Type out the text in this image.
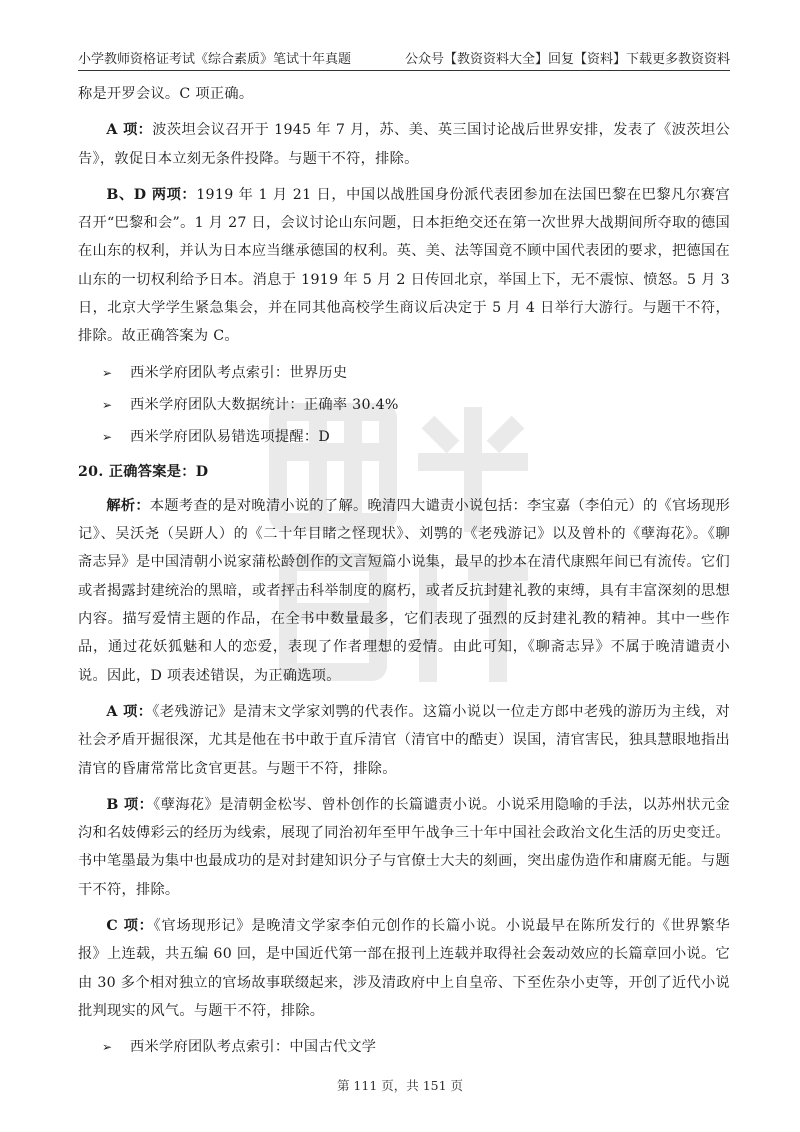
小学教师资格证考试《综合素质》笔试十年真题	公众号【教资资料大全】回复【资料】下载更多教资资料

称是开罗会议。C 项正确。

A 项：波茨坦会议召开于 1945 年 7 月，苏、美、英三国讨论战后世界安排，发表了《波茨坦公告》，敦促日本立刻无条件投降。与题干不符，排除。

B、D 两项：1919 年 1 月 21 日，中国以战胜国身份派代表团参加在法国巴黎在巴黎凡尔赛宫召开“巴黎和会”。1 月 27 日，会议讨论山东问题，日本拒绝交还在第一次世界大战期间所夺取的德国在山东的权利，并认为日本应当继承德国的权利。英、美、法等国竟不顾中国代表团的要求，把德国在山东的一切权利给予日本。消息于 1919 年 5 月 2 日传回北京，举国上下，无不震惊、愤怒。5 月 3 日，北京大学学生紧急集会，并在同其他高校学生商议后决定于 5 月 4 日举行大游行。与题干不符，排除。故正确答案为 C。

➢ 西米学府团队考点索引：世界历史
➢ 西米学府团队大数据统计：正确率 30.4%
➢ 西米学府团队易错选项提醒：D

20. 正确答案是：D

解析：本题考查的是对晚清小说的了解。晚清四大谴责小说包括：李宝嘉（李伯元）的《官场现形记》、吴沃尧（吴趼人）的《二十年目睹之怪现状》、刘鹗的《老残游记》以及曾朴的《孽海花》。《聊斋志异》是中国清朝小说家蒲松龄创作的文言短篇小说集，最早的抄本在清代康熙年间已有流传。它们或者揭露封建统治的黑暗，或者抨击科举制度的腐朽，或者反抗封建礼教的束缚，具有丰富深刻的思想内容。描写爱情主题的作品，在全书中数量最多，它们表现了强烈的反封建礼教的精神。其中一些作品，通过花妖狐魅和人的恋爱，表现了作者理想的爱情。由此可知，《聊斋志异》不属于晚清谴责小说。因此，D 项表述错误，为正确选项。

A 项：《老残游记》是清末文学家刘鹗的代表作。这篇小说以一位走方郎中老残的游历为主线，对社会矛盾开掘很深，尤其是他在书中敢于直斥清官（清官中的酷吏）误国，清官害民，独具慧眼地指出清官的昏庸常常比贪官更甚。与题干不符，排除。

B 项：《孽海花》是清朝金松岑、曾朴创作的长篇谴责小说。小说采用隐喻的手法，以苏州状元金汮和名妓傅彩云的经历为线索，展现了同治初年至甲午战争三十年中国社会政治文化生活的历史变迁。书中笔墨最为集中也最成功的是对封建知识分子与官僚士大夫的刻画，突出虚伪造作和庸腐无能。与题干不符，排除。

C 项：《官场现形记》是晚清文学家李伯元创作的长篇小说。小说最早在陈所发行的《世界繁华报》上连载，共五编 60 回，是中国近代第一部在报刊上连载并取得社会轰动效应的长篇章回小说。它由 30 多个相对独立的官场故事联缀起来，涉及清政府中上自皇帝、下至佐杂小吏等，开创了近代小说批判现实的风气。与题干不符，排除。

➢ 西米学府团队考点索引：中国古代文学
第 111 页，共 151 页
